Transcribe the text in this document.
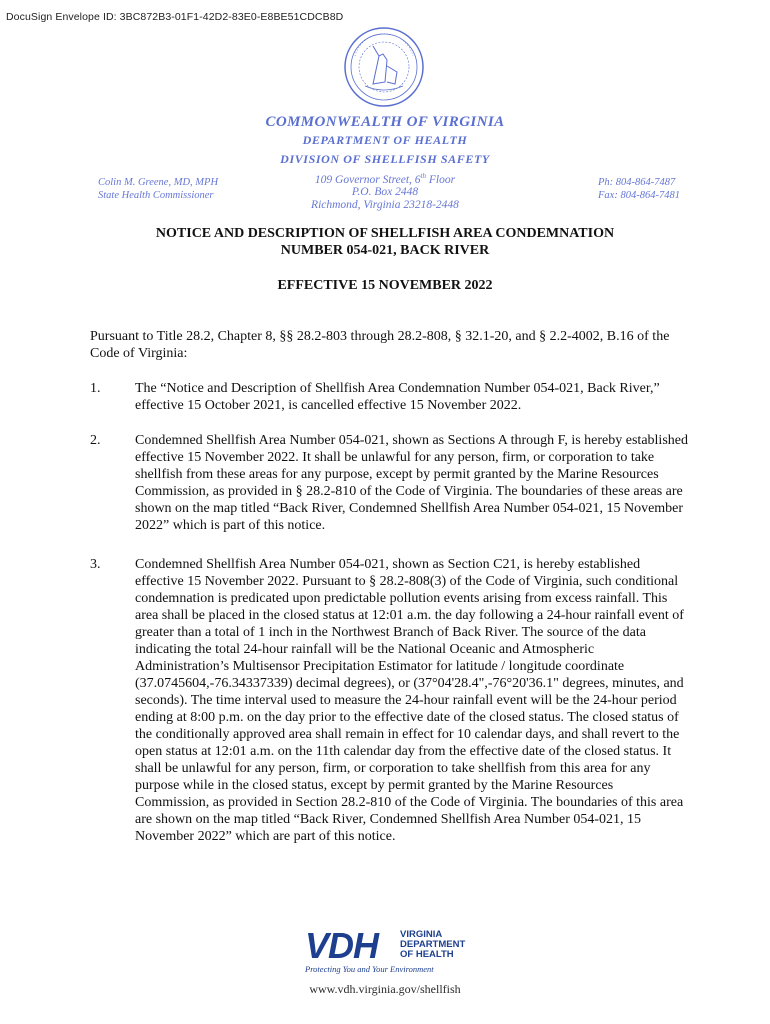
DocuSign Envelope ID: 3BC872B3-01F1-42D2-83E0-E8BE51CDCB8D
COMMONWEALTH OF VIRGINIA
DEPARTMENT OF HEALTH
DIVISION OF SHELLFISH SAFETY
Colin M. Greene, MD, MPH
State Health Commissioner
109 Governor Street, 6th Floor
P.O. Box 2448
Richmond, Virginia 23218-2448
Ph: 804-864-7487
Fax: 804-864-7481
NOTICE AND DESCRIPTION OF SHELLFISH AREA CONDEMNATION
NUMBER 054-021, BACK RIVER
EFFECTIVE 15 NOVEMBER 2022
Pursuant to Title 28.2, Chapter 8, §§ 28.2-803 through 28.2-808, § 32.1-20, and § 2.2-4002, B.16 of the Code of Virginia:
1.	The “Notice and Description of Shellfish Area Condemnation Number 054-021, Back River,” effective 15 October 2021, is cancelled effective 15 November 2022.
2.	Condemned Shellfish Area Number 054-021, shown as Sections A through F, is hereby established effective 15 November 2022. It shall be unlawful for any person, firm, or corporation to take shellfish from these areas for any purpose, except by permit granted by the Marine Resources Commission, as provided in § 28.2-810 of the Code of Virginia. The boundaries of these areas are shown on the map titled “Back River, Condemned Shellfish Area Number 054-021, 15 November 2022” which is part of this notice.
3.	Condemned Shellfish Area Number 054-021, shown as Section C21, is hereby established effective 15 November 2022. Pursuant to § 28.2-808(3) of the Code of Virginia, such conditional condemnation is predicated upon predictable pollution events arising from excess rainfall. This area shall be placed in the closed status at 12:01 a.m. the day following a 24-hour rainfall event of greater than a total of 1 inch in the Northwest Branch of Back River. The source of the data indicating the total 24-hour rainfall will be the National Oceanic and Atmospheric Administration’s Multisensor Precipitation Estimator for latitude / longitude coordinate (37.0745604,-76.34337339) decimal degrees), or (37°04'28.4",-76°20'36.1" degrees, minutes, and seconds). The time interval used to measure the 24-hour rainfall event will be the 24-hour period ending at 8:00 p.m. on the day prior to the effective date of the closed status. The closed status of the conditionally approved area shall remain in effect for 10 calendar days, and shall revert to the open status at 12:01 a.m. on the 11th calendar day from the effective date of the closed status. It shall be unlawful for any person, firm, or corporation to take shellfish from this area for any purpose while in the closed status, except by permit granted by the Marine Resources Commission, as provided in Section 28.2-810 of the Code of Virginia. The boundaries of this area are shown on the map titled “Back River, Condemned Shellfish Area Number 054-021, 15 November 2022” which are part of this notice.
VDH VIRGINIA
DEPARTMENT
OF HEALTH
Protecting You and Your Environment
www.vdh.virginia.gov/shellfish
